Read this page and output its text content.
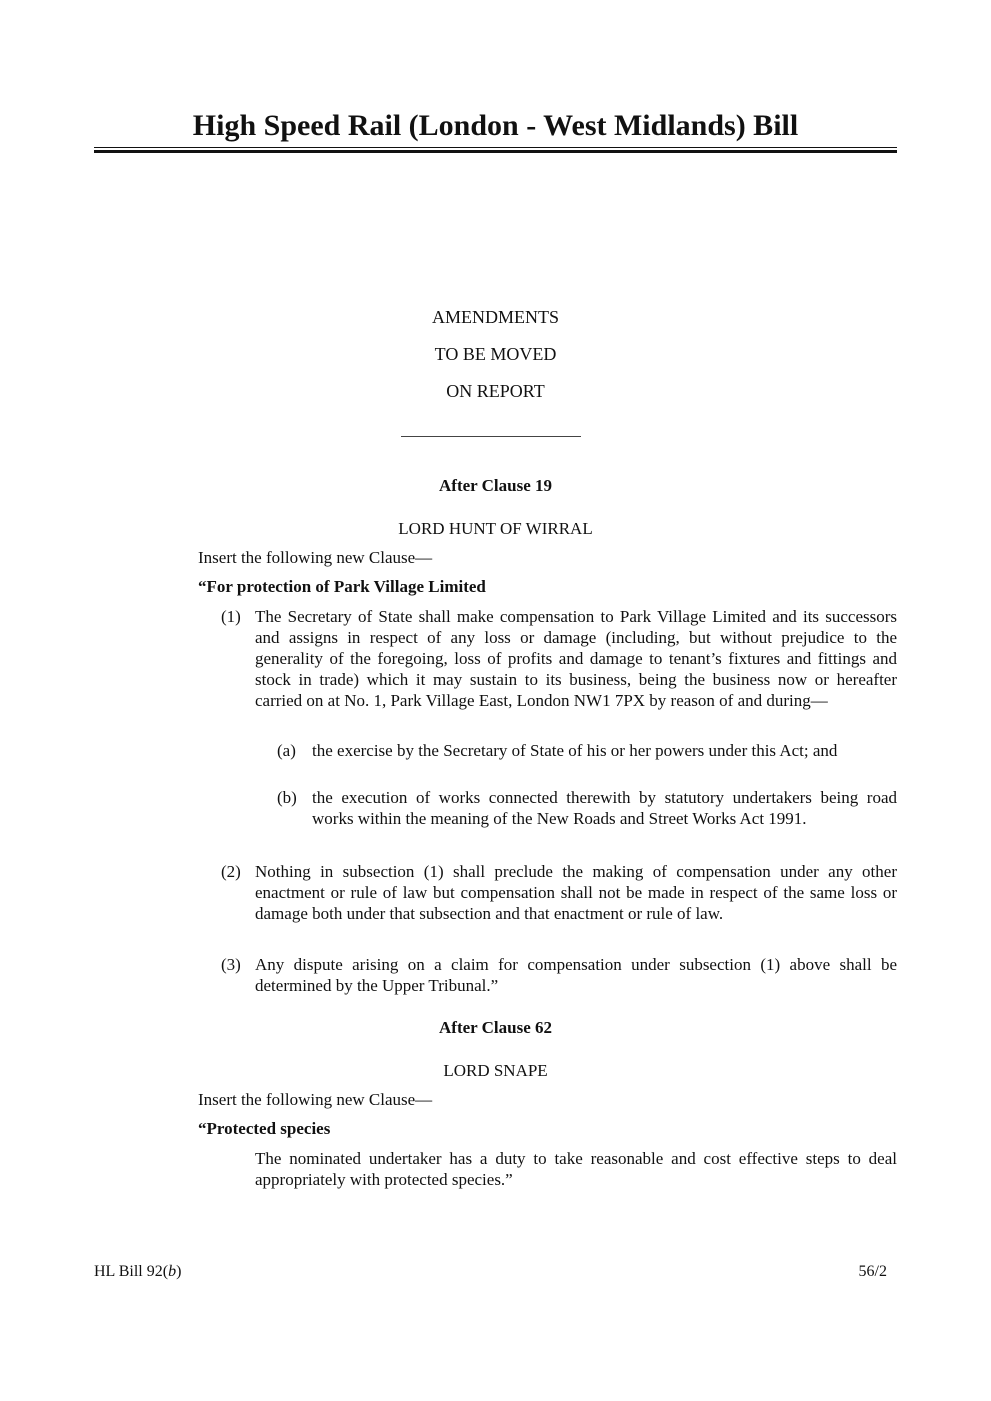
High Speed Rail (London - West Midlands) Bill
AMENDMENTS
TO BE MOVED
ON REPORT
After Clause 19
LORD HUNT OF WIRRAL
Insert the following new Clause—
“For protection of Park Village Limited
(1) The Secretary of State shall make compensation to Park Village Limited and its successors and assigns in respect of any loss or damage (including, but without prejudice to the generality of the foregoing, loss of profits and damage to tenant’s fixtures and fittings and stock in trade) which it may sustain to its business, being the business now or hereafter carried on at No. 1, Park Village East, London NW1 7PX by reason of and during—
(a) the exercise by the Secretary of State of his or her powers under this Act; and
(b) the execution of works connected therewith by statutory undertakers being road works within the meaning of the New Roads and Street Works Act 1991.
(2) Nothing in subsection (1) shall preclude the making of compensation under any other enactment or rule of law but compensation shall not be made in respect of the same loss or damage both under that subsection and that enactment or rule of law.
(3) Any dispute arising on a claim for compensation under subsection (1) above shall be determined by the Upper Tribunal.”
After Clause 62
LORD SNAPE
Insert the following new Clause—
“Protected species
The nominated undertaker has a duty to take reasonable and cost effective steps to deal appropriately with protected species.”
HL Bill 92(b)	56/2
